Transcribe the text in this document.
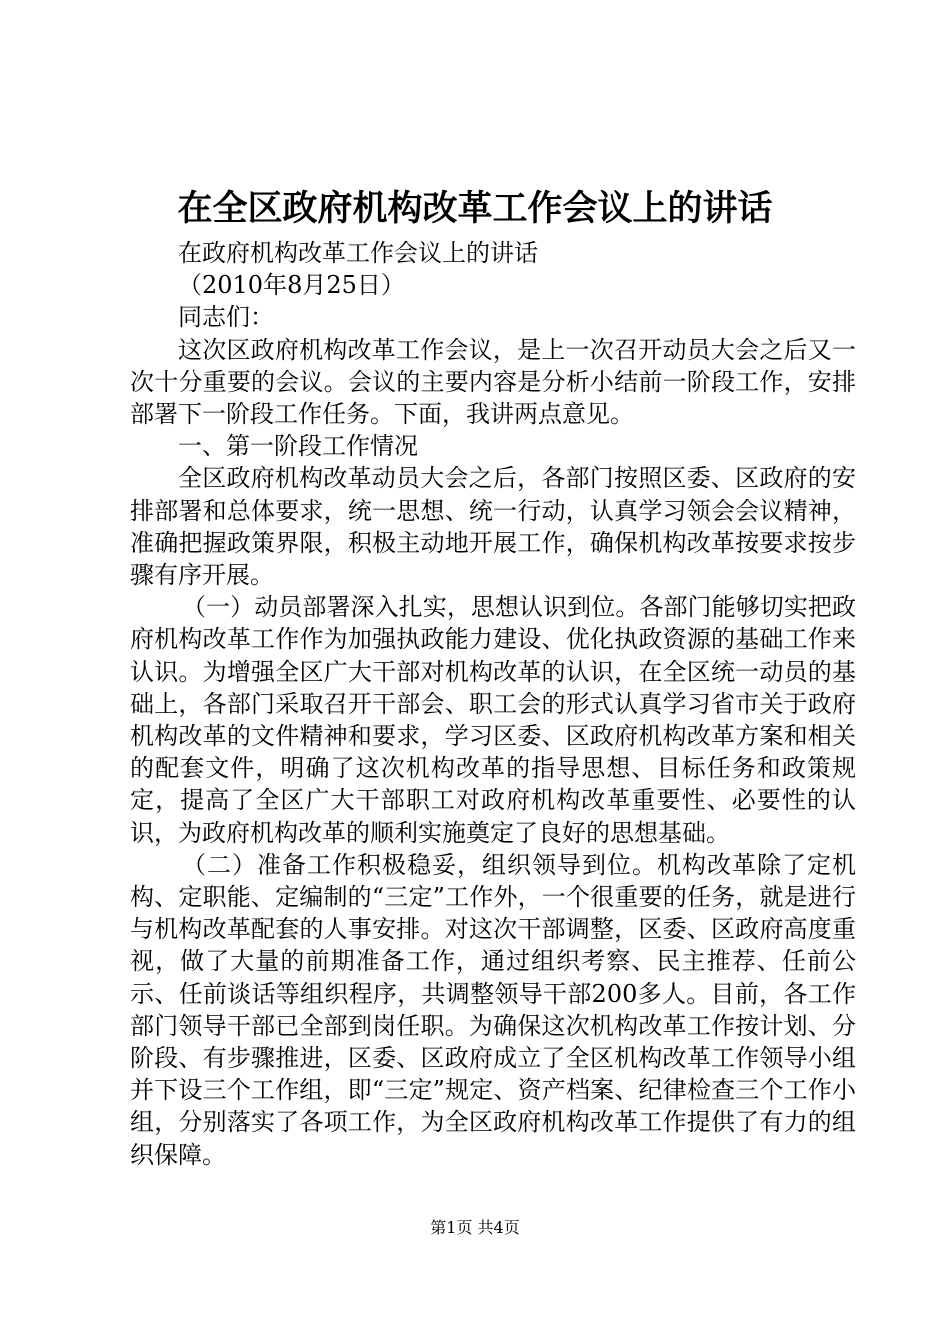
在全区政府机构改革工作会议上的讲话

在政府机构改革工作会议上的讲话

（2010年8月25日）

同志们：

这次区政府机构改革工作会议，是上一次召开动员大会之后又一次十分重要的会议。会议的主要内容是分析小结前一阶段工作，安排部署下一阶段工作任务。下面，我讲两点意见。

一、第一阶段工作情况

全区政府机构改革动员大会之后，各部门按照区委、区政府的安排部署和总体要求，统一思想、统一行动，认真学习领会会议精神，准确把握政策界限，积极主动地开展工作，确保机构改革按要求按步骤有序开展。

（一）动员部署深入扎实，思想认识到位。各部门能够切实把政府机构改革工作作为加强执政能力建设、优化执政资源的基础工作来认识。为增强全区广大干部对机构改革的认识，在全区统一动员的基础上，各部门采取召开干部会、职工会的形式认真学习省市关于政府机构改革的文件精神和要求，学习区委、区政府机构改革方案和相关的配套文件，明确了这次机构改革的指导思想、目标任务和政策规定，提高了全区广大干部职工对政府机构改革重要性、必要性的认识，为政府机构改革的顺利实施奠定了良好的思想基础。

（二）准备工作积极稳妥，组织领导到位。机构改革除了定机构、定职能、定编制的“三定”工作外，一个很重要的任务，就是进行与机构改革配套的人事安排。对这次干部调整，区委、区政府高度重视，做了大量的前期准备工作，通过组织考察、民主推荐、任前公示、任前谈话等组织程序，共调整领导干部200多人。目前，各工作部门领导干部已全部到岗任职。为确保这次机构改革工作按计划、分阶段、有步骤推进，区委、区政府成立了全区机构改革工作领导小组并下设三个工作组，即“三定”规定、资产档案、纪律检查三个工作小组，分别落实了各项工作，为全区政府机构改革工作提供了有力的组织保障。

第1页 共4页
